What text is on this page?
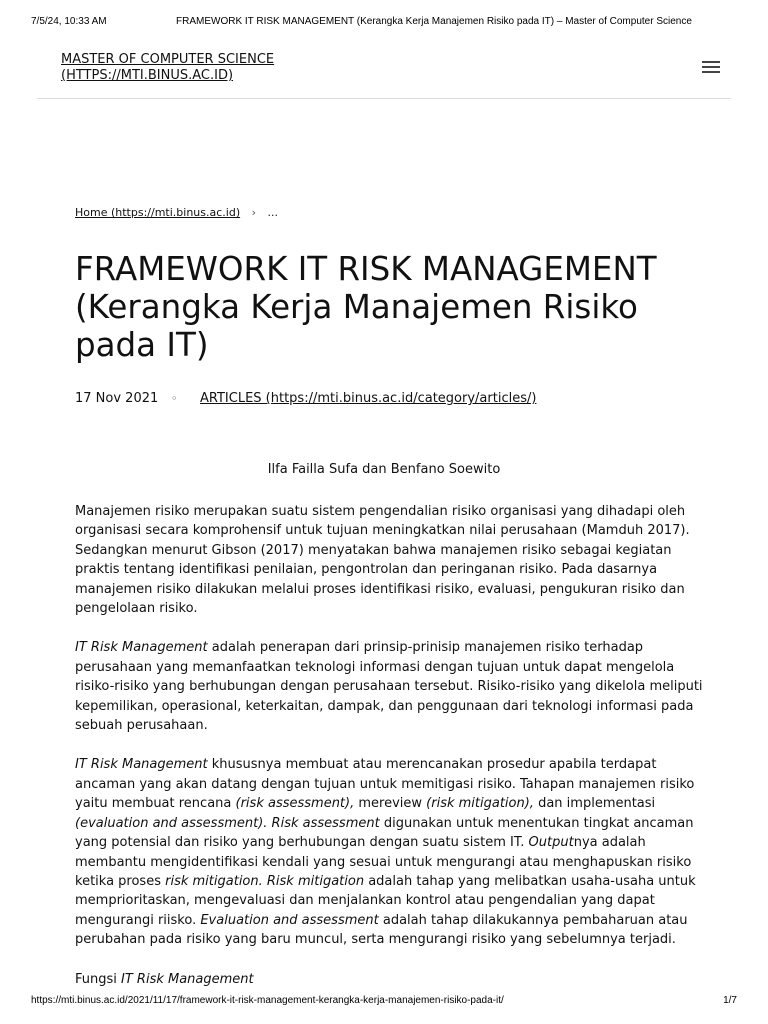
7/5/24, 10:33 AM	FRAMEWORK IT RISK MANAGEMENT (Kerangka Kerja Manajemen Risiko pada IT) – Master of Computer Science
MASTER OF COMPUTER SCIENCE
(HTTPS://MTI.BINUS.AC.ID)
Home (https://mti.binus.ac.id) › ...
FRAMEWORK IT RISK MANAGEMENT (Kerangka Kerja Manajemen Risiko pada IT)
17 Nov 2021 ◦ ARTICLES (https://mti.binus.ac.id/category/articles/)
Ilfa Failla Sufa dan Benfano Soewito

Manajemen risiko merupakan suatu sistem pengendalian risiko organisasi yang dihadapi oleh organisasi secara komprohensif untuk tujuan meningkatkan nilai perusahaan (Mamduh 2017). Sedangkan menurut Gibson (2017) menyatakan bahwa manajemen risiko sebagai kegiatan praktis tentang identifikasi penilaian, pengontrolan dan peringanan risiko. Pada dasarnya manajemen risiko dilakukan melalui proses identifikasi risiko, evaluasi, pengukuran risiko dan pengelolaan risiko.

IT Risk Management adalah penerapan dari prinsip-prinisip manajemen risiko terhadap perusahaan yang memanfaatkan teknologi informasi dengan tujuan untuk dapat mengelola risiko-risiko yang berhubungan dengan perusahaan tersebut. Risiko-risiko yang dikelola meliputi kepemilikan, operasional, keterkaitan, dampak, dan penggunaan dari teknologi informasi pada sebuah perusahaan.

IT Risk Management khususnya membuat atau merencanakan prosedur apabila terdapat ancaman yang akan datang dengan tujuan untuk memitigasi risiko. Tahapan manajemen risiko yaitu membuat rencana (risk assessment), mereview (risk mitigation), dan implementasi (evaluation and assessment). Risk assessment digunakan untuk menentukan tingkat ancaman yang potensial dan risiko yang berhubungan dengan suatu sistem IT. Outputnya adalah membantu mengidentifikasi kendali yang sesuai untuk mengurangi atau menghapuskan risiko ketika proses risk mitigation. Risk mitigation adalah tahap yang melibatkan usaha-usaha untuk memprioritaskan, mengevaluasi dan menjalankan kontrol atau pengendalian yang dapat mengurangi riisko. Evaluation and assessment adalah tahap dilakukannya pembaharuan atau perubahan pada risiko yang baru muncul, serta mengurangi risiko yang sebelumnya terjadi.

Fungsi IT Risk Management

https://mti.binus.ac.id/2021/11/17/framework-it-risk-management-kerangka-kerja-manajemen-risiko-pada-it/	1/7
